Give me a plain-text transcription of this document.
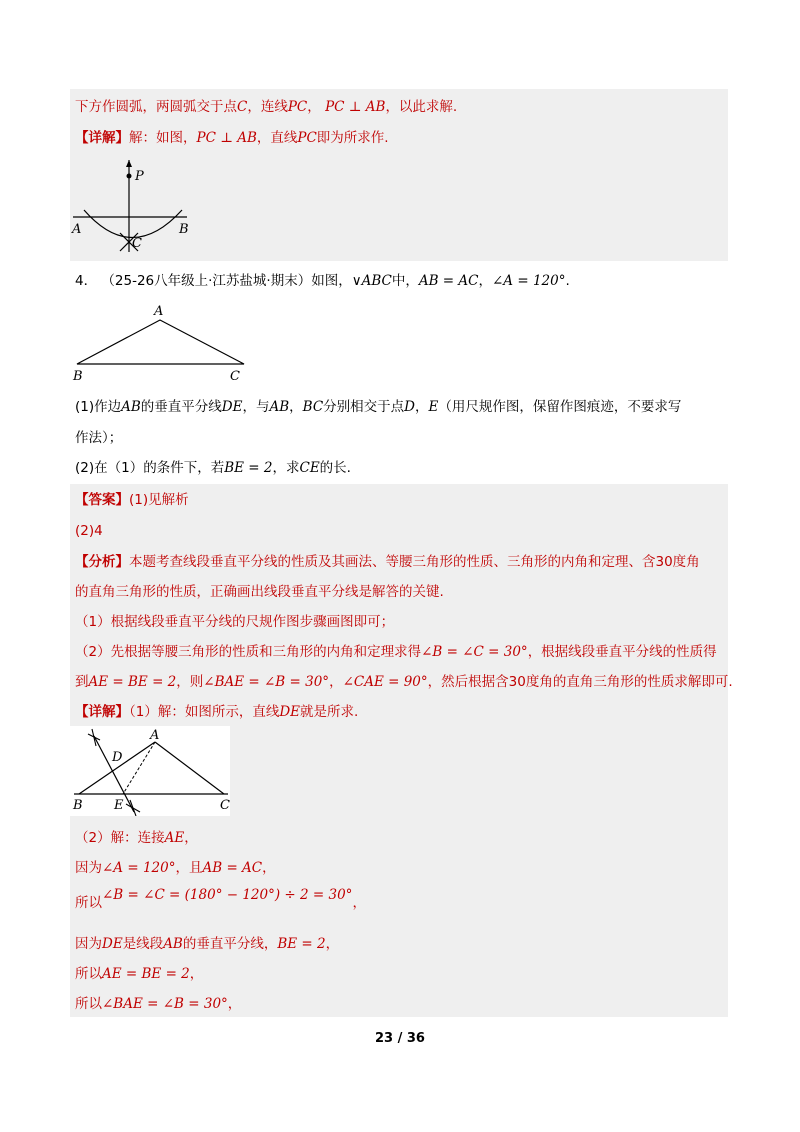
下方作圆弧，两圆弧交于点C，连线PC， PC ⊥ AB，以此求解.
【详解】解：如图，PC ⊥ AB，直线PC即为所求作.
P
A	B
C
4． （25-26八年级上·江苏盐城·期末）如图，∨ABC中，AB = AC，∠A = 120°.
A
B	C
(1)作边AB的垂直平分线DE，与AB，BC分别相交于点D，E（用尺规作图，保留作图痕迹，不要求写
作法）；
(2)在（1）的条件下，若BE = 2，求CE的长.
【答案】(1)见解析
(2)4
【分析】本题考查线段垂直平分线的性质及其画法、等腰三角形的性质、三角形的内角和定理、含30度角
的直角三角形的性质，正确画出线段垂直平分线是解答的关键.
（1）根据线段垂直平分线的尺规作图步骤画图即可；
（2）先根据等腰三角形的性质和三角形的内角和定理求得∠B = ∠C = 30°，根据线段垂直平分线的性质得
到AE = BE = 2，则∠BAE = ∠B = 30°，∠CAE = 90°，然后根据含30度角的直角三角形的性质求解即可.
【详解】（1）解：如图所示，直线DE就是所求.
A
D
B E	C
（2）解：连接AE，
因为∠A = 120°，且AB = AC，
所以∠B = ∠C = (180° − 120°) ÷ 2 = 30°，
因为DE是线段AB的垂直平分线，BE = 2，
所以AE = BE = 2，
所以∠BAE = ∠B = 30°，
23 / 36
